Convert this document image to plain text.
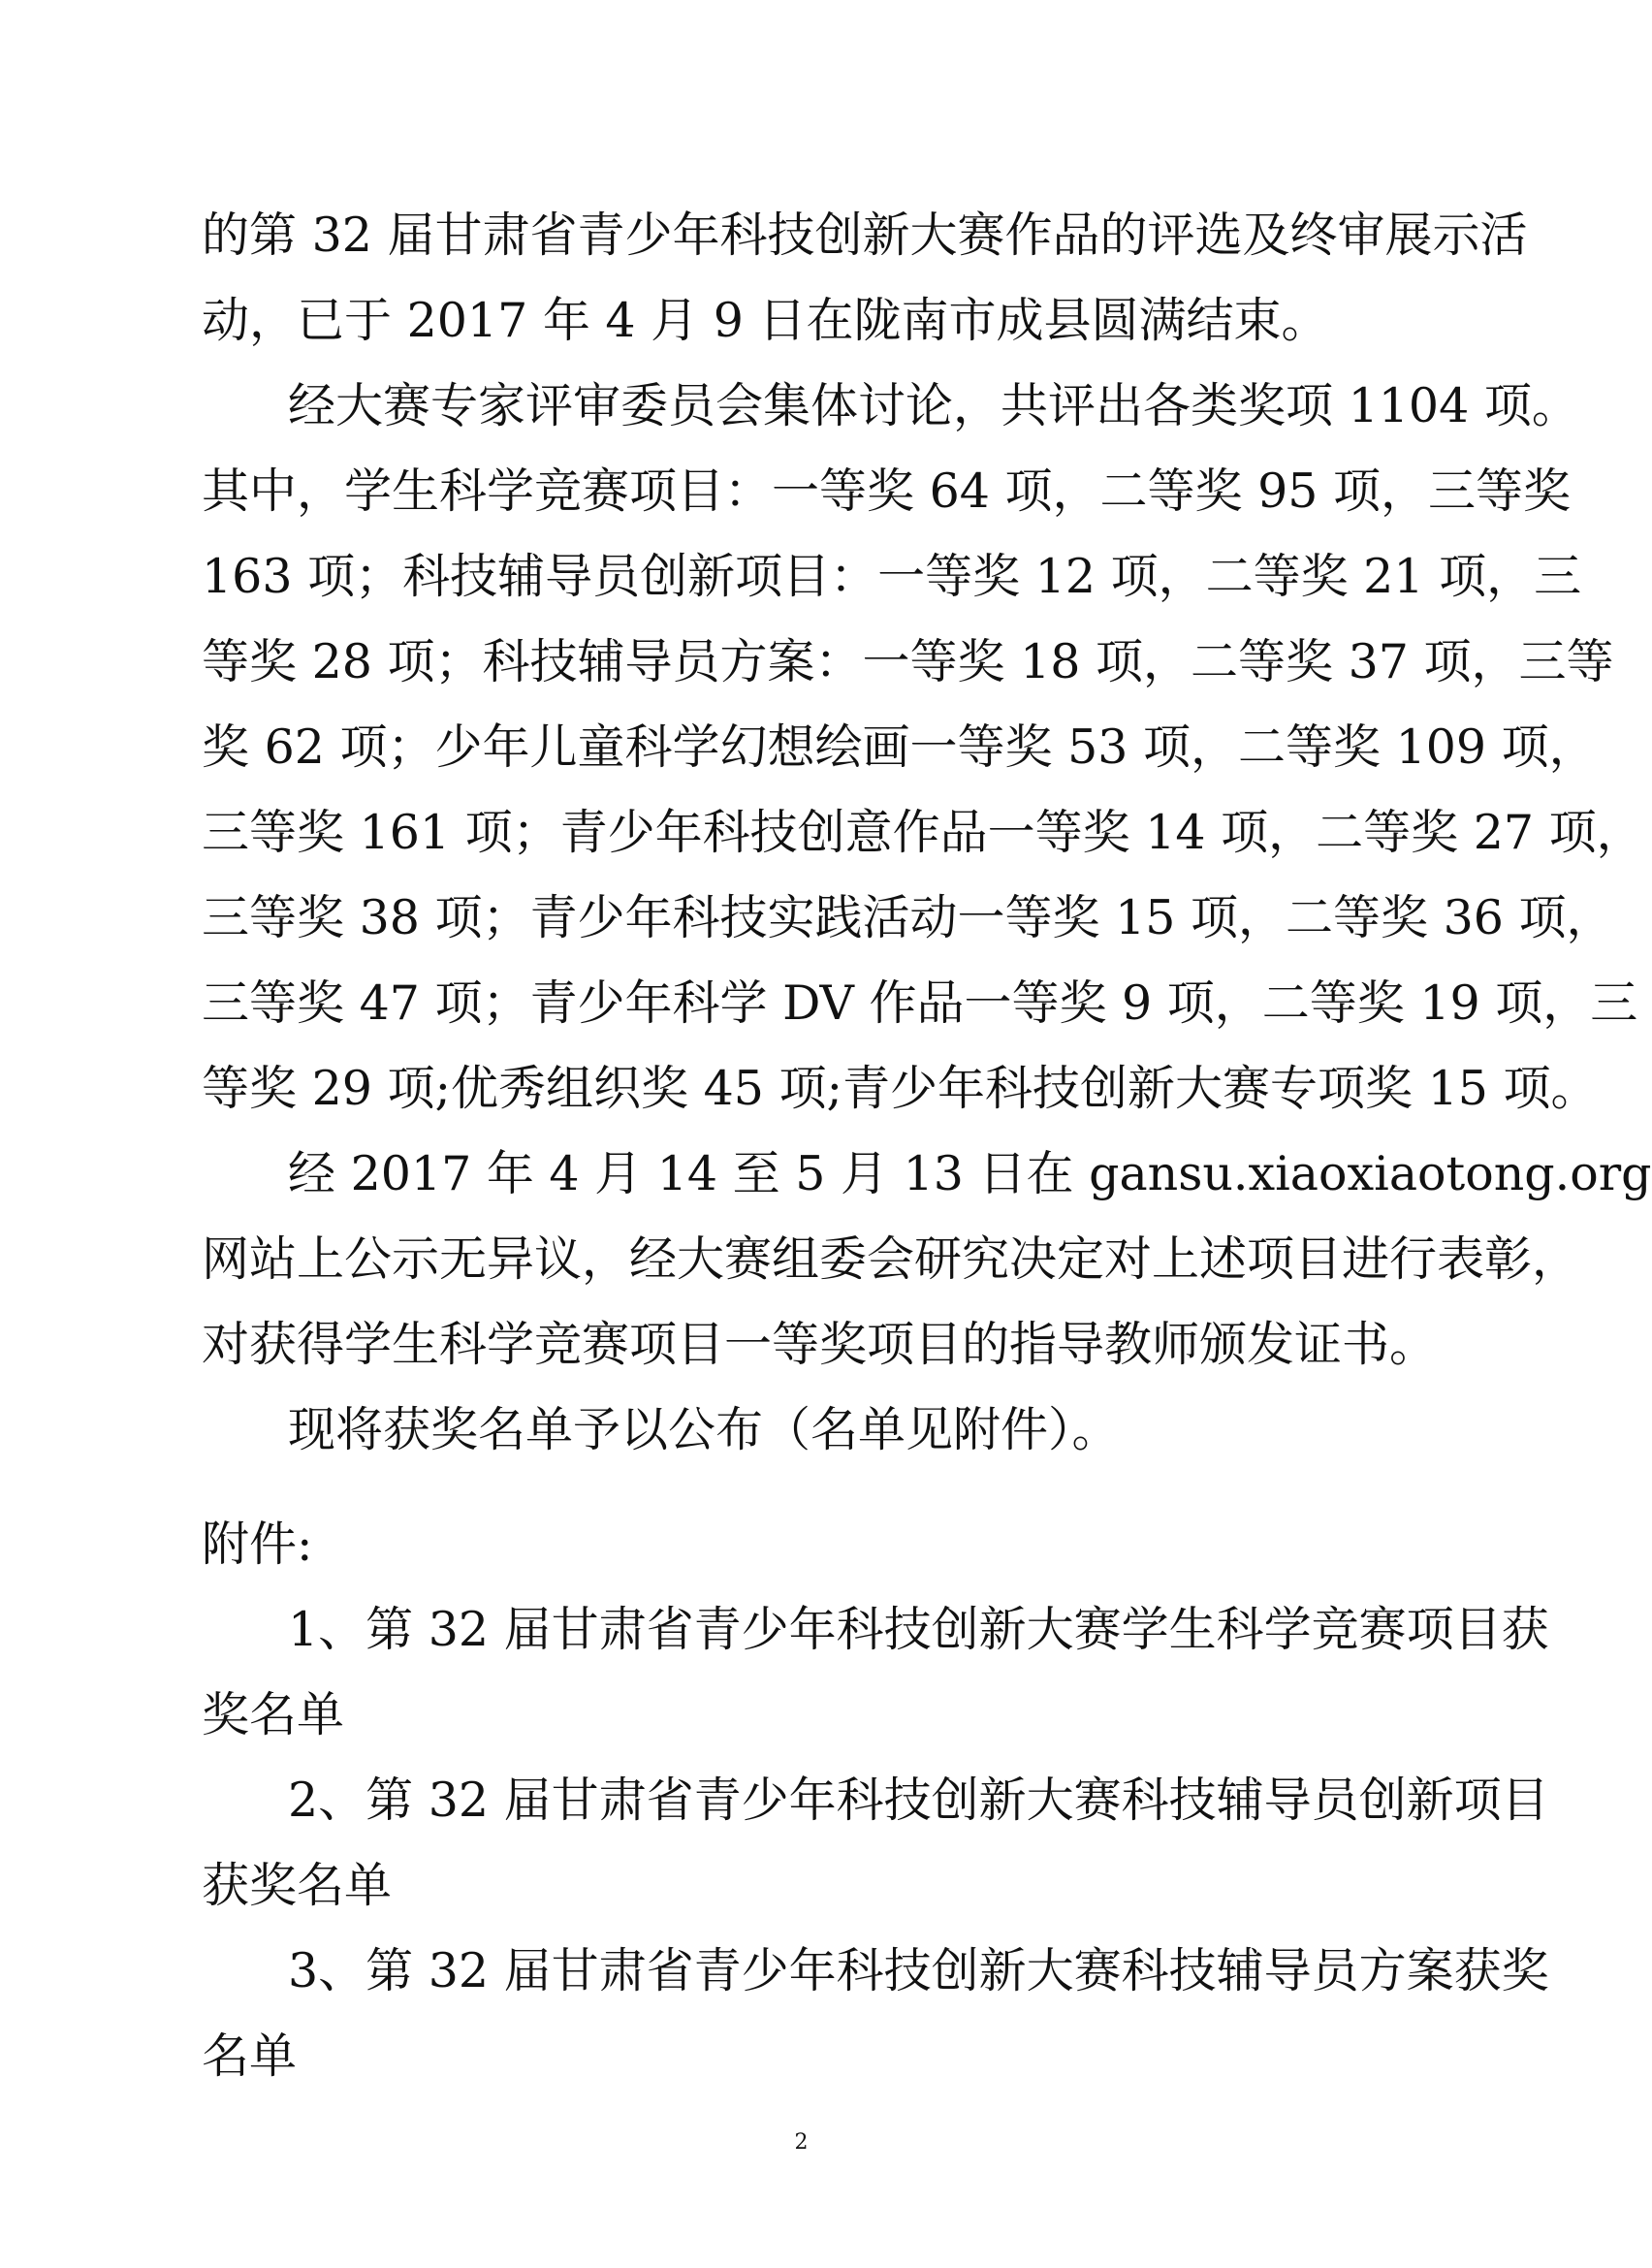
的第 32 届甘肃省青少年科技创新大赛作品的评选及终审展示活
动，已于 2017 年 4 月 9 日在陇南市成县圆满结束。
经大赛专家评审委员会集体讨论，共评出各类奖项 1104 项。
其中，学生科学竞赛项目：一等奖 64 项，二等奖 95 项，三等奖
163 项；科技辅导员创新项目：一等奖 12 项，二等奖 21 项，三
等奖 28 项；科技辅导员方案：一等奖 18 项，二等奖 37 项，三等
奖 62 项；少年儿童科学幻想绘画一等奖 53 项，二等奖 109 项，
三等奖 161 项；青少年科技创意作品一等奖 14 项，二等奖 27 项，
三等奖 38 项；青少年科技实践活动一等奖 15 项，二等奖 36 项，
三等奖 47 项；青少年科学 DV 作品一等奖 9 项，二等奖 19 项，三
等奖 29 项;优秀组织奖 45 项;青少年科技创新大赛专项奖 15 项。
经 2017 年 4 月 14 至 5 月 13 日在 gansu.xiaoxiaotong.org
网站上公示无异议，经大赛组委会研究决定对上述项目进行表彰，
对获得学生科学竞赛项目一等奖项目的指导教师颁发证书。
现将获奖名单予以公布（名单见附件）。
附件:
1、第 32 届甘肃省青少年科技创新大赛学生科学竞赛项目获
奖名单
2、第 32 届甘肃省青少年科技创新大赛科技辅导员创新项目
获奖名单
3、第 32 届甘肃省青少年科技创新大赛科技辅导员方案获奖
名单
2
